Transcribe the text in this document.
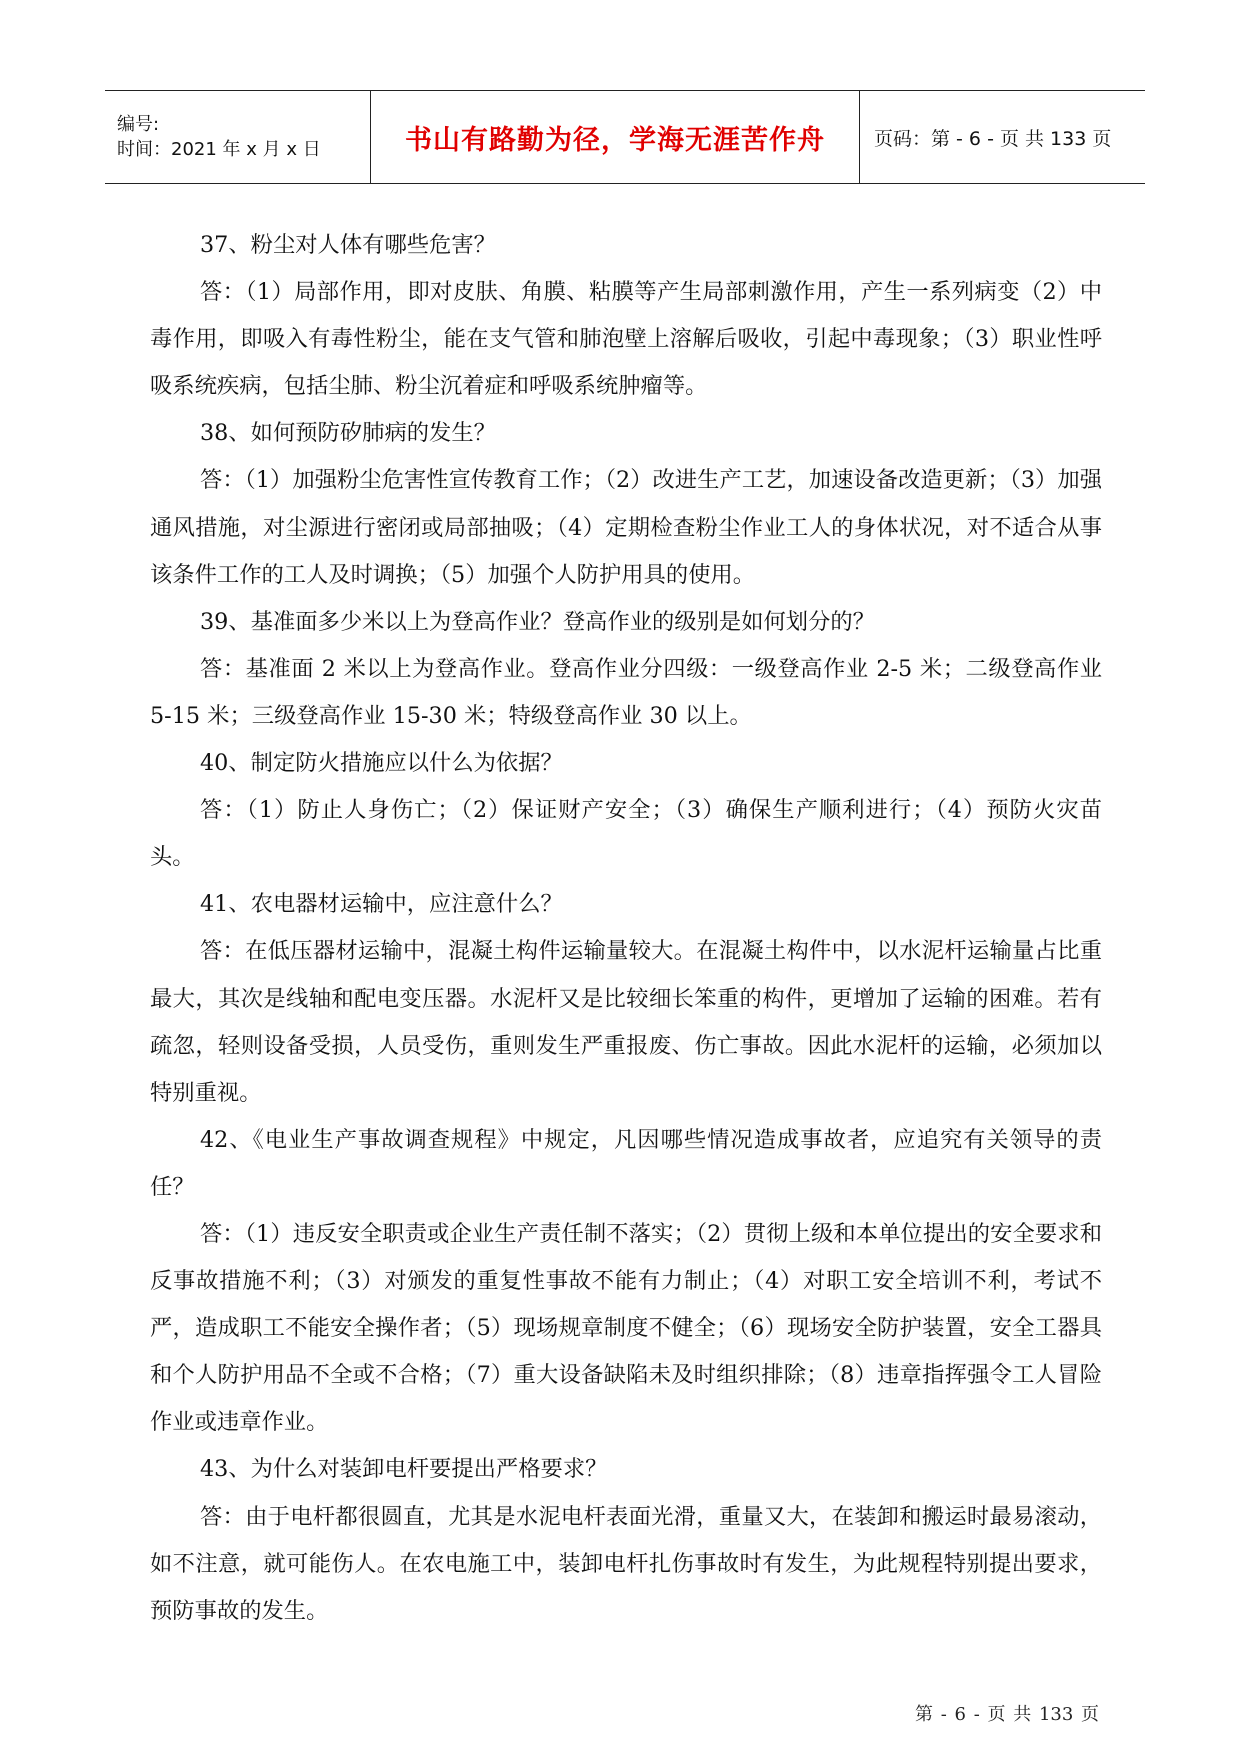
编号:
时间：2021 年 x 月 x 日	书山有路勤为径，学海无涯苦作舟	页码：第 - 6 - 页 共 133 页

37、粉尘对人体有哪些危害？

答：（1）局部作用，即对皮肤、角膜、粘膜等产生局部刺激作用，产生一系列病变（2）中毒作用，即吸入有毒性粉尘，能在支气管和肺泡壁上溶解后吸收，引起中毒现象；（3）职业性呼吸系统疾病，包括尘肺、粉尘沉着症和呼吸系统肿瘤等。

38、如何预防矽肺病的发生？

答：（1）加强粉尘危害性宣传教育工作；（2）改进生产工艺，加速设备改造更新；（3）加强通风措施，对尘源进行密闭或局部抽吸；（4）定期检查粉尘作业工人的身体状况，对不适合从事该条件工作的工人及时调换；（5）加强个人防护用具的使用。

39、基准面多少米以上为登高作业？登高作业的级别是如何划分的？

答：基准面 2 米以上为登高作业。登高作业分四级：一级登高作业 2-5 米；二级登高作业 5-15 米；三级登高作业 15-30 米；特级登高作业 30 以上。

40、制定防火措施应以什么为依据？

答：（1）防止人身伤亡；（2）保证财产安全；（3）确保生产顺利进行；（4）预防火灾苗头。

41、农电器材运输中，应注意什么？

答：在低压器材运输中，混凝土构件运输量较大。在混凝土构件中，以水泥杆运输量占比重最大，其次是线轴和配电变压器。水泥杆又是比较细长笨重的构件，更增加了运输的困难。若有疏忽，轻则设备受损，人员受伤，重则发生严重报废、伤亡事故。因此水泥杆的运输，必须加以特别重视。

42、《电业生产事故调查规程》中规定，凡因哪些情况造成事故者，应追究有关领导的责任？

答：（1）违反安全职责或企业生产责任制不落实；（2）贯彻上级和本单位提出的安全要求和反事故措施不利；（3）对颁发的重复性事故不能有力制止；（4）对职工安全培训不利，考试不严，造成职工不能安全操作者；（5）现场规章制度不健全；（6）现场安全防护装置，安全工器具和个人防护用品不全或不合格；（7）重大设备缺陷未及时组织排除；（8）违章指挥强令工人冒险作业或违章作业。

43、为什么对装卸电杆要提出严格要求？

答：由于电杆都很圆直，尤其是水泥电杆表面光滑，重量又大，在装卸和搬运时最易滚动，如不注意，就可能伤人。在农电施工中，装卸电杆扎伤事故时有发生，为此规程特别提出要求，预防事故的发生。

第 - 6 - 页 共 133 页
